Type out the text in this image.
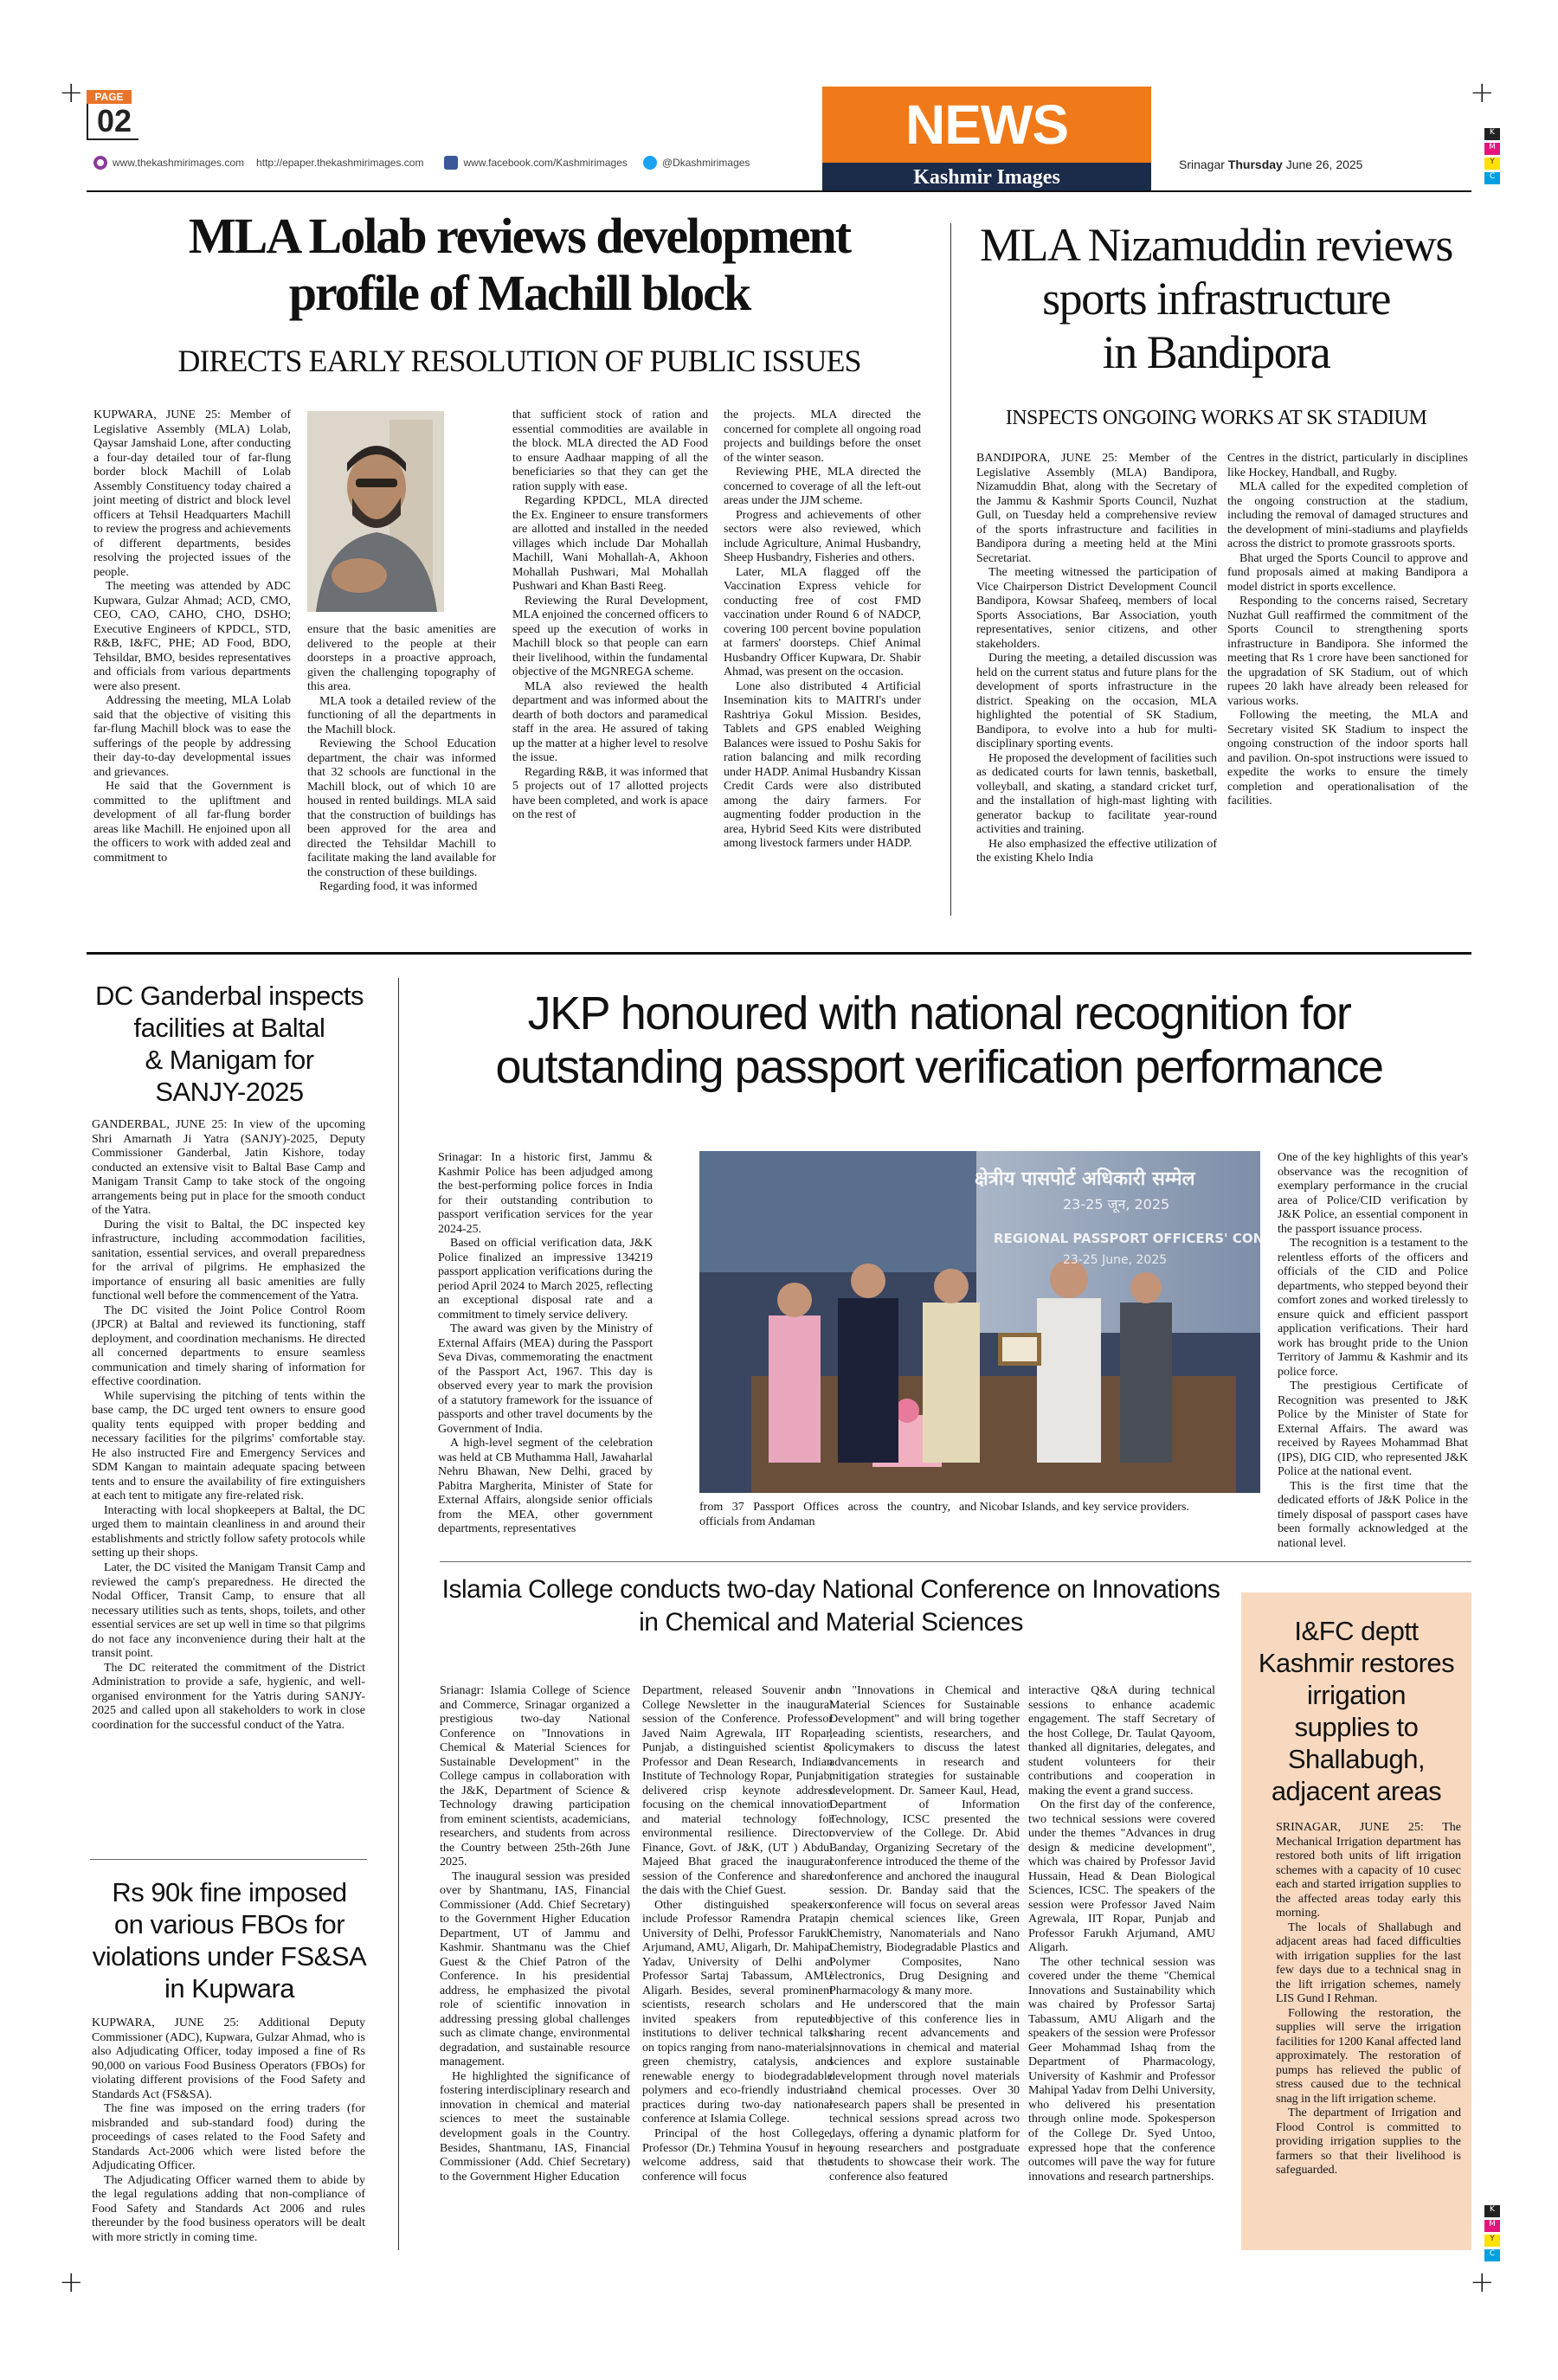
+	+
+	+
K
M
Y
C
K
M
Y
C
PAGE
02	NEWS
Kashmir Images
Srinagar Thursday June 26, 2025
www.thekashmirimages.com http://epaper.thekashmirimages.com	www.facebook.com/Kashmirimages	@Dkashmirimages
MLA Lolab reviews development
profile of Machill block
DIRECTS EARLY RESOLUTION OF PUBLIC ISSUES

KUPWARA, JUNE 25: Member of Legislative Assembly (MLA) Lolab, Qaysar Jamshaid Lone, after conducting a four-day detailed tour of far-flung border block Machill of Lolab Assembly Constituency today chaired a joint meeting of district and block level officers at Tehsil Headquarters Machill to review the progress and achievements of different departments, besides resolving the projected issues of the people.

The meeting was attended by ADC Kupwara, Gulzar Ahmad; ACD, CMO, CEO, CAO, CAHO, CHO, DSHO; Executive Engineers of KPDCL, STD, R&B, I&FC, PHE; AD Food, BDO, Tehsildar, BMO, besides representatives and officials from various departments were also present.

Addressing the meeting, MLA Lolab said that the objective of visiting this far-flung Machill block was to ease the sufferings of the people by addressing their day-to-day developmental issues and grievances.

He said that the Government is committed to the upliftment and development of all far-flung border areas like Machill. He enjoined upon all the officers to work with added zeal and commitment to

ensure that the basic amenities are delivered to the people at their doorsteps in a proactive approach, given the challenging topography of this area.

MLA took a detailed review of the functioning of all the departments in the Machill block.

Reviewing the School Education department, the chair was informed that 32 schools are functional in the Machill block, out of which 10 are housed in rented buildings. MLA said that the construction of buildings has been approved for the area and directed the Tehsildar Machill to facilitate making the land available for the construction of these buildings.

Regarding food, it was informed

that sufficient stock of ration and essential commodities are available in the block. MLA directed the AD Food to ensure Aadhaar mapping of all the beneficiaries so that they can get the ration supply with ease.

Regarding KPDCL, MLA directed the Ex. Engineer to ensure transformers are allotted and installed in the needed villages which include Dar Mohallah Machill, Wani Mohallah-A, Akhoon Mohallah Pushwari, Mal Mohallah Pushwari and Khan Basti Reeg.

Reviewing the Rural Development, MLA enjoined the concerned officers to speed up the execution of works in Machill block so that people can earn their livelihood, within the fundamental objective of the MGNREGA scheme.

MLA also reviewed the health department and was informed about the dearth of both doctors and paramedical staff in the area. He assured of taking up the matter at a higher level to resolve the issue.

Regarding R&B, it was informed that 5 projects out of 17 allotted projects have been completed, and work is apace on the rest of

the projects. MLA directed the concerned for complete all ongoing road projects and buildings before the onset of the winter season.

Reviewing PHE, MLA directed the concerned to coverage of all the left-out areas under the JJM scheme.

Progress and achievements of other sectors were also reviewed, which include Agriculture, Animal Husbandry, Sheep Husbandry, Fisheries and others.

Later, MLA flagged off the Vaccination Express vehicle for conducting free of cost FMD vaccination under Round 6 of NADCP, covering 100 percent bovine population at farmers' doorsteps. Chief Animal Husbandry Officer Kupwara, Dr. Shabir Ahmad, was present on the occasion.

Lone also distributed 4 Artificial Insemination kits to MAITRI's under Rashtriya Gokul Mission. Besides, Tablets and GPS enabled Weighing Balances were issued to Poshu Sakis for ration balancing and milk recording under HADP. Animal Husbandry Kissan Credit Cards were also distributed among the dairy farmers. For augmenting fodder production in the area, Hybrid Seed Kits were distributed among livestock farmers under HADP.

MLA Nizamuddin reviews
sports infrastructure
in Bandipora
INSPECTS ONGOING WORKS AT SK STADIUM

BANDIPORA, JUNE 25: Member of the Legislative Assembly (MLA) Bandipora, Nizamuddin Bhat, along with the Secretary of the Jammu & Kashmir Sports Council, Nuzhat Gull, on Tuesday held a comprehensive review of the sports infrastructure and facilities in Bandipora during a meeting held at the Mini Secretariat.

The meeting witnessed the participation of Vice Chairperson District Development Council Bandipora, Kowsar Shafeeq, members of local Sports Associations, Bar Association, youth representatives, senior citizens, and other stakeholders.

During the meeting, a detailed discussion was held on the current status and future plans for the development of sports infrastructure in the district. Speaking on the occasion, MLA highlighted the potential of SK Stadium, Bandipora, to evolve into a hub for multi-disciplinary sporting events.

He proposed the development of facilities such as dedicated courts for lawn tennis, basketball, volleyball, and skating, a standard cricket turf, and the installation of high-mast lighting with generator backup to facilitate year-round activities and training.

He also emphasized the effective utilization of the existing Khelo India

Centres in the district, particularly in disciplines like Hockey, Handball, and Rugby.

MLA called for the expedited completion of the ongoing construction at the stadium, including the removal of damaged structures and the development of mini-stadiums and playfields across the district to promote grassroots sports.

Bhat urged the Sports Council to approve and fund proposals aimed at making Bandipora a model district in sports excellence.

Responding to the concerns raised, Secretary Nuzhat Gull reaffirmed the commitment of the Sports Council to strengthening sports infrastructure in Bandipora. She informed the meeting that Rs 1 crore have been sanctioned for the upgradation of SK Stadium, out of which rupees 20 lakh have already been released for various works.

Following the meeting, the MLA and Secretary visited SK Stadium to inspect the ongoing construction of the indoor sports hall and pavilion. On-spot instructions were issued to expedite the works to ensure the timely completion and operationalisation of the facilities.

DC Ganderbal inspects
facilities at Baltal
& Manigam for
SANJY-2025

GANDERBAL, JUNE 25: In view of the upcoming Shri Amarnath Ji Yatra (SANJY)-2025, Deputy Commissioner Ganderbal, Jatin Kishore, today conducted an extensive visit to Baltal Base Camp and Manigam Transit Camp to take stock of the ongoing arrangements being put in place for the smooth conduct of the Yatra.

During the visit to Baltal, the DC inspected key infrastructure, including accommodation facilities, sanitation, essential services, and overall preparedness for the arrival of pilgrims. He emphasized the importance of ensuring all basic amenities are fully functional well before the commencement of the Yatra.

The DC visited the Joint Police Control Room (JPCR) at Baltal and reviewed its functioning, staff deployment, and coordination mechanisms. He directed all concerned departments to ensure seamless communication and timely sharing of information for effective coordination.

While supervising the pitching of tents within the base camp, the DC urged tent owners to ensure good quality tents equipped with proper bedding and necessary facilities for the pilgrims' comfortable stay. He also instructed Fire and Emergency Services and SDM Kangan to maintain adequate spacing between tents and to ensure the availability of fire extinguishers at each tent to mitigate any fire-related risk.

Interacting with local shopkeepers at Baltal, the DC urged them to maintain cleanliness in and around their establishments and strictly follow safety protocols while setting up their shops.

Later, the DC visited the Manigam Transit Camp and reviewed the camp's preparedness. He directed the Nodal Officer, Transit Camp, to ensure that all necessary utilities such as tents, shops, toilets, and other essential services are set up well in time so that pilgrims do not face any inconvenience during their halt at the transit point.

The DC reiterated the commitment of the District Administration to provide a safe, hygienic, and well-organised environment for the Yatris during SANJY-2025 and called upon all stakeholders to work in close coordination for the successful conduct of the Yatra.

Rs 90k fine imposed
on various FBOs for
violations under FS&SA
in Kupwara

KUPWARA, JUNE 25: Additional Deputy Commissioner (ADC), Kupwara, Gulzar Ahmad, who is also Adjudicating Officer, today imposed a fine of Rs 90,000 on various Food Business Operators (FBOs) for violating different provisions of the Food Safety and Standards Act (FS&SA).

The fine was imposed on the erring traders (for misbranded and sub-standard food) during the proceedings of cases related to the Food Safety and Standards Act-2006 which were listed before the Adjudicating Officer.

The Adjudicating Officer warned them to abide by the legal regulations adding that non-compliance of Food Safety and Standards Act 2006 and rules thereunder by the food business operators will be dealt with more strictly in coming time.

JKP honoured with national recognition for
outstanding passport verification performance

Srinagar: In a historic first, Jammu & Kashmir Police has been adjudged among the best-performing police forces in India for their outstanding contribution to passport verification services for the year 2024-25.

Based on official verification data, J&K Police finalized an impressive 134219 passport application verifications during the period April 2024 to March 2025, reflecting an exceptional disposal rate and a commitment to timely service delivery.

The award was given by the Ministry of External Affairs (MEA) during the Passport Seva Divas, commemorating the enactment of the Passport Act, 1967. This day is observed every year to mark the provision of a statutory framework for the issuance of passports and other travel documents by the Government of India.

A high-level segment of the celebration was held at CB Muthamma Hall, Jawaharlal Nehru Bhawan, New Delhi, graced by Pabitra Margherita, Minister of State for External Affairs, alongside senior officials from the MEA, other government departments, representatives

क्षेत्रीय पासपोर्ट अधिकारी सम्मेल
23-25 जून, 2025
REGIONAL PASSPORT OFFICERS' CONFER
23-25 June, 2025
from 37 Passport Offices across the country, officials from Andaman
and Nicobar Islands, and key service providers.

One of the key highlights of this year's observance was the recognition of exemplary performance in the crucial area of Police/CID verification by J&K Police, an essential component in the passport issuance process.

The recognition is a testament to the relentless efforts of the officers and officials of the CID and Police departments, who stepped beyond their comfort zones and worked tirelessly to ensure quick and efficient passport application verifications. Their hard work has brought pride to the Union Territory of Jammu & Kashmir and its police force.

The prestigious Certificate of Recognition was presented to J&K Police by the Minister of State for External Affairs. The award was received by Rayees Mohammad Bhat (IPS), DIG CID, who represented J&K Police at the national event.

This is the first time that the dedicated efforts of J&K Police in the timely disposal of passport cases have been formally acknowledged at the national level.

Islamia College conducts two-day National Conference on Innovations
in Chemical and Material Sciences

Srianagr: Islamia College of Science and Commerce, Srinagar organized a prestigious two-day National Conference on "Innovations in Chemical & Material Sciences for Sustainable Development" in the College campus in collaboration with the J&K, Department of Science & Technology drawing participation from eminent scientists, academicians, researchers, and students from across the Country between 25th-26th June 2025.

The inaugural session was presided over by Shantmanu, IAS, Financial Commissioner (Add. Chief Secretary) to the Government Higher Education Department, UT of Jammu and Kashmir. Shantmanu was the Chief Guest & the Chief Patron of the Conference. In his presidential address, he emphasized the pivotal role of scientific innovation in addressing pressing global challenges such as climate change, environmental degradation, and sustainable resource management.

He highlighted the significance of fostering interdisciplinary research and innovation in chemical and material sciences to meet the sustainable development goals in the Country. Besides, Shantmanu, IAS, Financial Commissioner (Add. Chief Secretary) to the Government Higher Education

Department, released Souvenir and College Newsletter in the inaugural session of the Conference. Professor Javed Naim Agrewala, IIT Ropar, Punjab, a distinguished scientist & Professor and Dean Research, Indian Institute of Technology Ropar, Punjab, delivered crisp keynote address focusing on the chemical innovation and material technology for environmental resilience. Director Finance, Govt. of J&K, (UT ) Abdul Majeed Bhat graced the inaugural session of the Conference and shared the dais with the Chief Guest.

Other distinguished speakers include Professor Ramendra Pratap, University of Delhi, Professor Farukh Arjumand, AMU, Aligarh, Dr. Mahipal Yadav, University of Delhi and Professor Sartaj Tabassum, AMU Aligarh. Besides, several prominent scientists, research scholars and invited speakers from reputed institutions to deliver technical talks on topics ranging from nano-materials, green chemistry, catalysis, and renewable energy to biodegradable polymers and eco-friendly industrial practices during two-day national conference at Islamia College.

Principal of the host College, Professor (Dr.) Tehmina Yousuf in her welcome address, said that the conference will focus

on "Innovations in Chemical and Material Sciences for Sustainable Development" and will bring together leading scientists, researchers, and policymakers to discuss the latest advancements in research and mitigation strategies for sustainable development. Dr. Sameer Kaul, Head, Department of Information Technology, ICSC presented the overview of the College. Dr. Abid Banday, Organizing Secretary of the conference introduced the theme of the conference and anchored the inaugural session. Dr. Banday said that the conference will focus on several areas in chemical sciences like, Green Chemistry, Nanomaterials and Nano Chemistry, Biodegradable Plastics and Polymer Composites, Nano electronics, Drug Designing and Pharmacology & many more.

He underscored that the main objective of this conference lies in sharing recent advancements and innovations in chemical and material sciences and explore sustainable development through novel materials and chemical processes. Over 30 research papers shall be presented in technical sessions spread across two days, offering a dynamic platform for young researchers and postgraduate students to showcase their work. The conference also featured

interactive Q&A during technical sessions to enhance academic engagement. The staff Secretary of the host College, Dr. Taulat Qayoom, thanked all dignitaries, delegates, and student volunteers for their contributions and cooperation in making the event a grand success.

On the first day of the conference, two technical sessions were covered under the themes "Advances in drug design & medicine development", which was chaired by Professor Javid Hussain, Head & Dean Biological Sciences, ICSC. The speakers of the session were Professor Javed Naim Agrewala, IIT Ropar, Punjab and Professor Farukh Arjumand, AMU Aligarh.

The other technical session was covered under the theme "Chemical Innovations and Sustainability which was chaired by Professor Sartaj Tabassum, AMU Aligarh and the speakers of the session were Professor Geer Mohammad Ishaq from the Department of Pharmacology, University of Kashmir and Professor Mahipal Yadav from Delhi University, who delivered his presentation through online mode. Spokesperson of the College Dr. Syed Untoo, expressed hope that the conference outcomes will pave the way for future innovations and research partnerships.

I&FC deptt
Kashmir restores
irrigation
supplies to
Shallabugh,
adjacent areas

SRINAGAR, JUNE 25: The Mechanical Irrigation department has restored both units of lift irrigation schemes with a capacity of 10 cusec each and started irrigation supplies to the affected areas today early this morning.

The locals of Shallabugh and adjacent areas had faced difficulties with irrigation supplies for the last few days due to a technical snag in the lift irrigation schemes, namely LIS Gund I Rehman.

Following the restoration, the supplies will serve the irrigation facilities for 1200 Kanal affected land approximately. The restoration of pumps has relieved the public of stress caused due to the technical snag in the lift irrigation scheme.

The department of Irrigation and Flood Control is committed to providing irrigation supplies to the farmers so that their livelihood is safeguarded.
